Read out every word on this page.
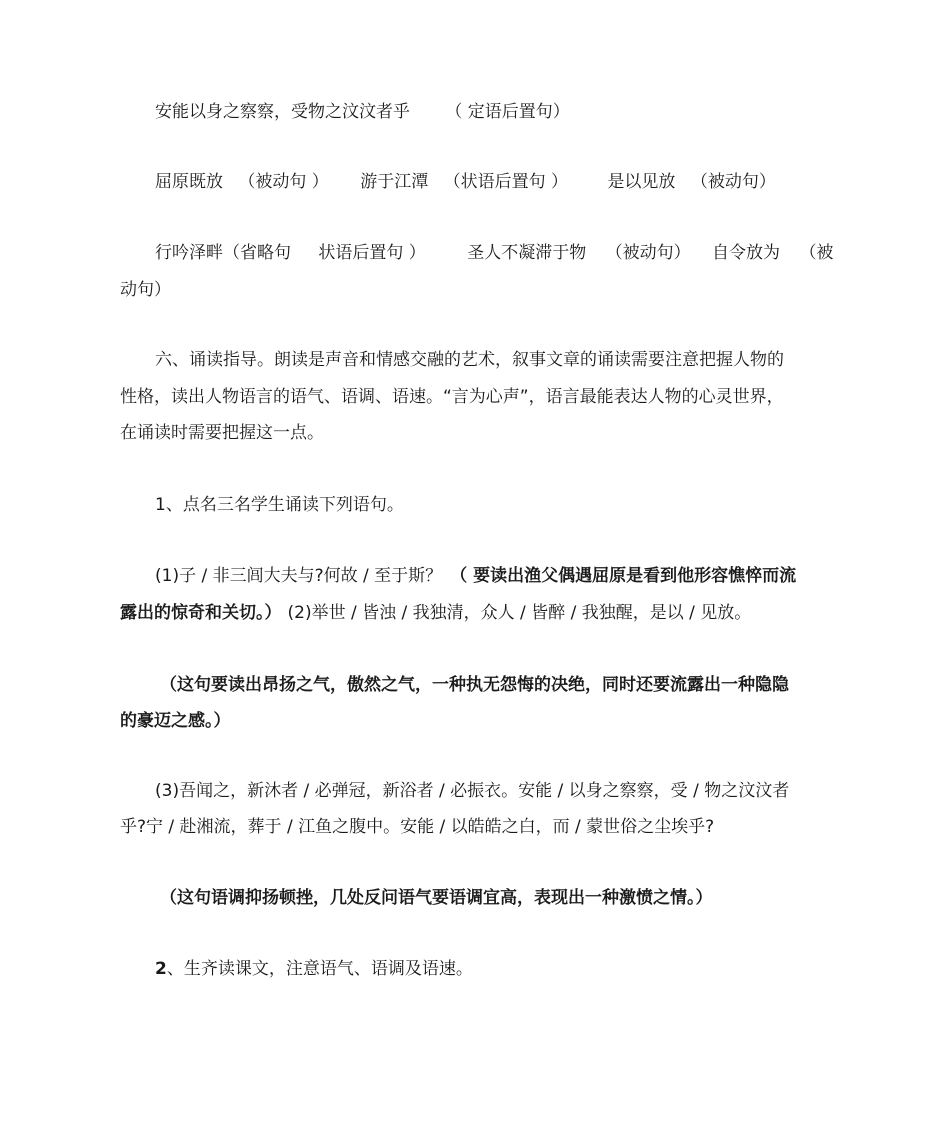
安能以身之察察，受物之汶汶者乎 （ 定语后置句）
屈原既放 （被动句 ） 游于江潭 （状语后置句 ） 是以见放 （被动句）
行吟泽畔（省略句 状语后置句 ） 圣人不凝滞于物 （被动句） 自令放为 （被
动句）
六、诵读指导。朗读是声音和情感交融的艺术，叙事文章的诵读需要注意把握人物的
性格，读出人物语言的语气、语调、语速。“言为心声”，语言最能表达人物的心灵世界，
在诵读时需要把握这一点。
1、点名三名学生诵读下列语句。
(1)子 / 非三闾大夫与?何故 / 至于斯？ （ 要读出渔父偶遇屈原是看到他形容憔悴而流
露出的惊奇和关切。） (2)举世 / 皆浊 / 我独清，众人 / 皆醉 / 我独醒，是以 / 见放。
（这句要读出昂扬之气，傲然之气，一种执无怨悔的决绝，同时还要流露出一种隐隐
的豪迈之感。）
(3)吾闻之，新沐者 / 必弹冠，新浴者 / 必振衣。安能 / 以身之察察，受 / 物之汶汶者
乎?宁 / 赴湘流，葬于 / 江鱼之腹中。安能 / 以皓皓之白，而 / 蒙世俗之尘埃乎?
（这句语调抑扬顿挫，几处反问语气要语调宜高，表现出一种激愤之情。）
2、生齐读课文，注意语气、语调及语速。
